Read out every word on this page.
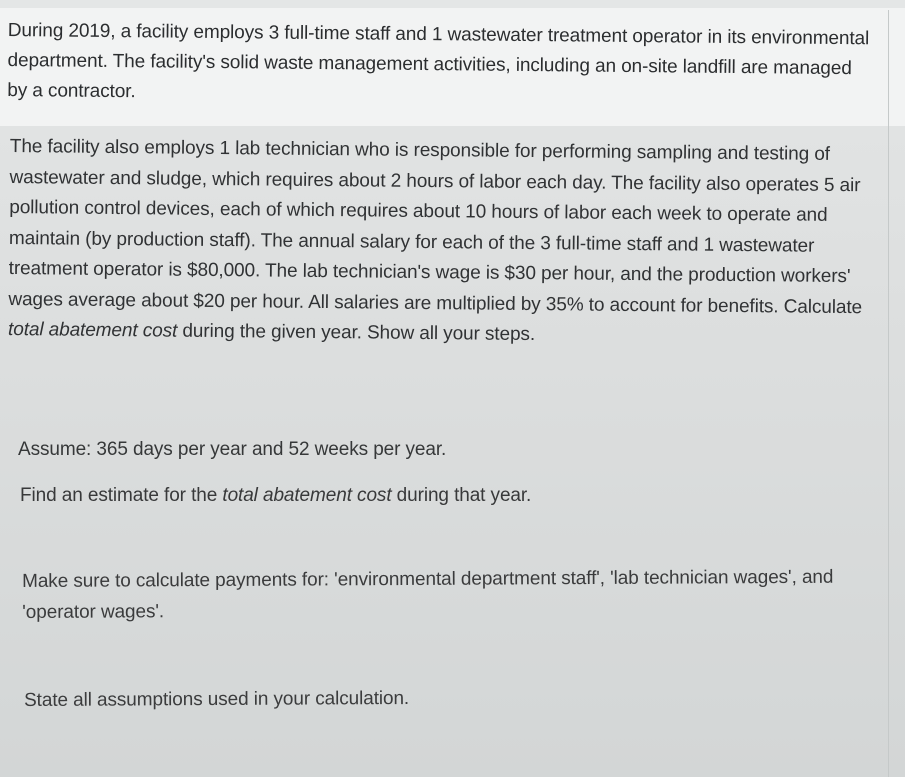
During 2019, a facility employs 3 full-time staff and 1 wastewater treatment operator in its environmental department. The facility's solid waste management activities, including an on-site landfill are managed by a contractor.

The facility also employs 1 lab technician who is responsible for performing sampling and testing of wastewater and sludge, which requires about 2 hours of labor each day. The facility also operates 5 air pollution control devices, each of which requires about 10 hours of labor each week to operate and maintain (by production staff). The annual salary for each of the 3 full-time staff and 1 wastewater treatment operator is $80,000. The lab technician's wage is $30 per hour, and the production workers' wages average about $20 per hour. All salaries are multiplied by 35% to account for benefits. Calculate total abatement cost during the given year. Show all your steps.

Assume: 365 days per year and 52 weeks per year.

Find an estimate for the total abatement cost during that year.

Make sure to calculate payments for: 'environmental department staff', 'lab technician wages', and 'operator wages'.

State all assumptions used in your calculation.
